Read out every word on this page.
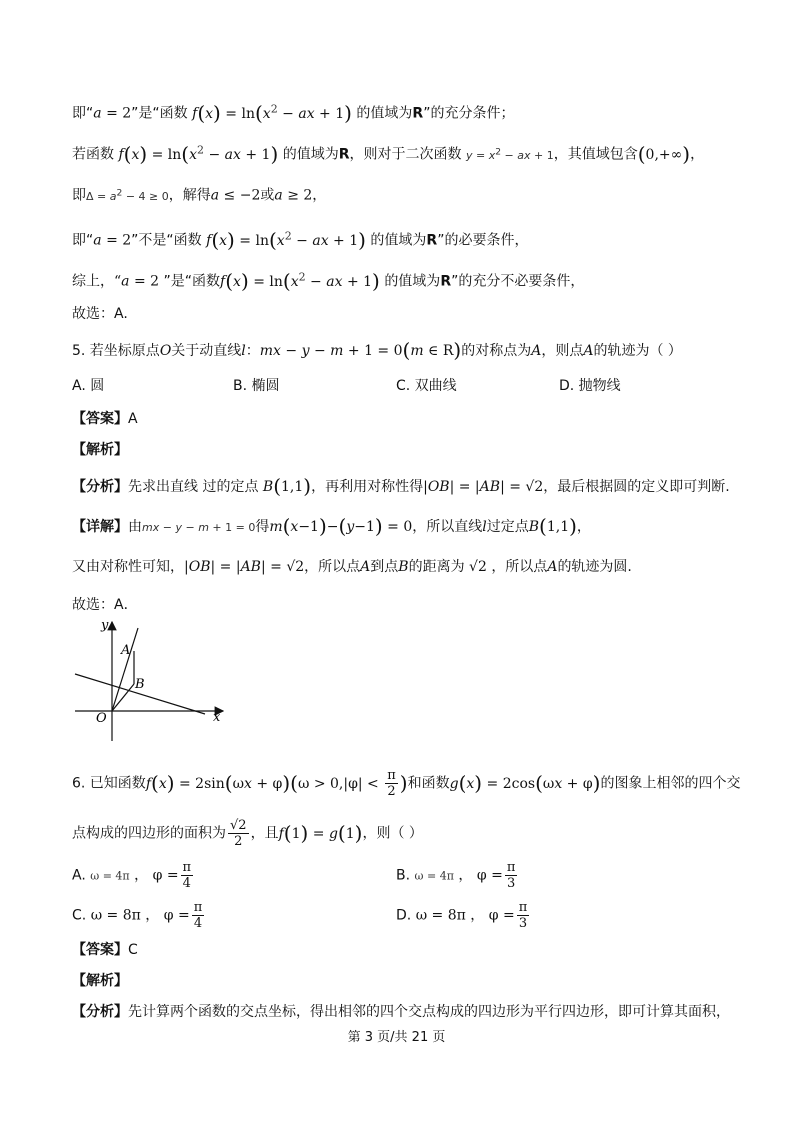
即“a = 2”是“函数 $f(x) = \ln(x^2$ − ax + 1) 的值域为R”的充分条件；
若函数 $f(x) = \ln(x^2$ − ax + 1) 的值域为R，则对于二次函数 $y = x^2$ − ax + 1，其值域包含(0,+∞)，
即$\Delta = a^2 - 4 \ge 0$，解得a ≤ −2或a ≥ 2，
即“a = 2”不是“函数 $f(x) = \ln(x^2$ − ax + 1) 的值域为R”的必要条件，
综上，“a = 2 ”是“函数$f(x) = \ln(x^2$ − ax + 1) 的值域为R”的充分不必要条件，
故选：A.
5. 若坐标原点O关于动直线l：mx − y − m + 1 = 0(m ∈ R)的对称点为A，则点A的轨迹为（ ）
A. 圆	B. 椭圆	C. 双曲线	D. 抛物线
【答案】A
【解析】
【分析】先求出直线 过的定点 B(1,1)，再利用对称性得|OB| = |AB| = √2，最后根据圆的定义即可判断.
【详解】由mx − y − m + 1 = 0得m(x−1)−(y−1) = 0，所以直线l过定点B(1,1)，
又由对称性可知，|OB| = |AB| = √2，所以点A到点B的距离为 √2 ，所以点A的轨迹为圆.
故选：A．
y
x
O
A
B
6. 已知函数$f(x) = 2\sin(\omega x + \varphi)(\omega > 0,|\varphi| < \frac{\pi}{2}$ )和函数g(x) = 2cos(ωx + φ)的图象上相邻的四个交
点构成的四边形的面积为 $\frac{√2}{2}$ ，且f(1) = g(1)，则（ ）
A. ω = 4π ， $\varphi = \frac{\pi}{4}$	B. ω = 4π ， $\varphi = \frac{\pi}{3}$
C. ω = 8π ， $\varphi = \frac{\pi}{4}$	D. ω = 8π ， $\varphi = \frac{\pi}{3}$
【答案】C
【解析】
【分析】先计算两个函数的交点坐标，得出相邻的四个交点构成的四边形为平行四边形，即可计算其面积，
第 3 页/共 21 页
